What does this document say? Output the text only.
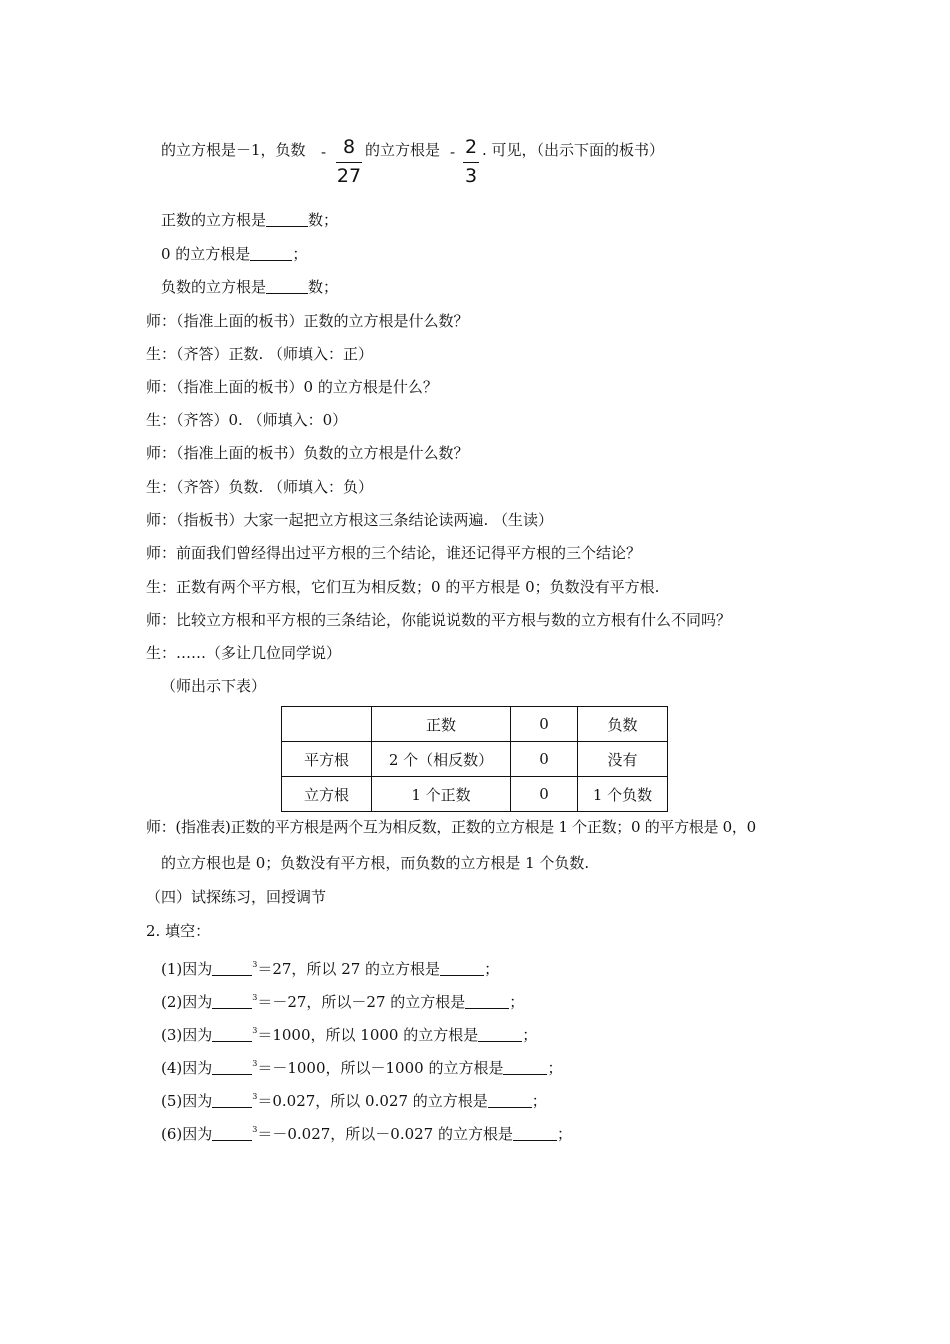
的立方根是－1，负数 - 8
27
的立方根是 - 2
3
. 可见，（出示下面的板书）
正数的立方根是	数；
0 的立方根是	；
负数的立方根是	数；
师：（指准上面的板书）正数的立方根是什么数？
生：（齐答）正数. （师填入：正）
师：（指准上面的板书）0 的立方根是什么？
生：（齐答）0. （师填入：0）
师：（指准上面的板书）负数的立方根是什么数？
生：（齐答）负数. （师填入：负）
师：（指板书）大家一起把立方根这三条结论读两遍. （生读）
师：前面我们曾经得出过平方根的三个结论，谁还记得平方根的三个结论？
生：正数有两个平方根，它们互为相反数；0 的平方根是 0；负数没有平方根.
师：比较立方根和平方根的三条结论，你能说说数的平方根与数的立方根有什么不同吗？
生：……（多让几位同学说）
（师出示下表）
	正数	0	负数
平方根	2 个（相反数）	0	没有
立方根	1 个正数	0	1 个负数
师：(指准表)正数的平方根是两个互为相反数，正数的立方根是 1 个正数；0 的平方根是 0，0
的立方根也是 0；负数没有平方根，而负数的立方根是 1 个负数.
（四）试探练习，回授调节
2. 填空：
(1)因为	$^3$＝27，所以 27 的立方根是	；
(2)因为	$^3$＝－27，所以－27 的立方根是	；
(3)因为	$^3$＝1000，所以 1000 的立方根是	；
(4)因为	$^3$＝－1000，所以－1000 的立方根是	；
(5)因为	$^3$＝0.027，所以 0.027 的立方根是	；
(6)因为	$^3$＝－0.027，所以－0.027 的立方根是	；
